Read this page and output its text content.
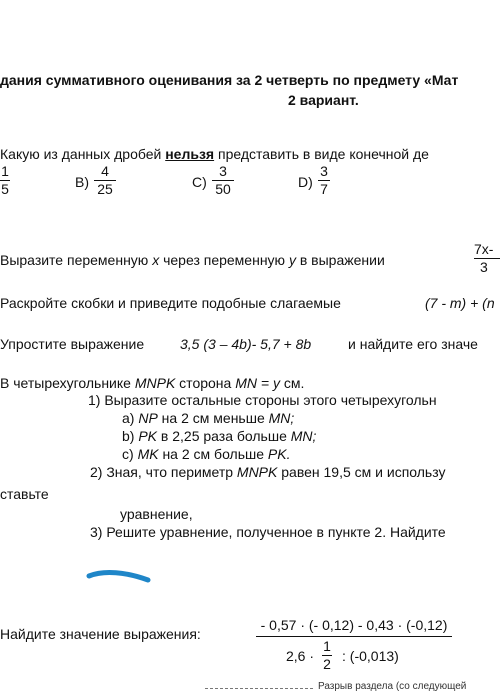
дания суммативного оценивания за 2 четверть по предмету «Мат
2 вариант.
Какую из данных дробей нельзя представить в виде конечной де
1
5	B)
4
25	C)
3
50	D)
3
7
Выразите переменную x через переменную y в выражении
7x-
3
Раскройте скобки и приведите подобные слагаемые	(7 - m) + (n
Упростите выражение	3,5 (3 – 4b)- 5,7 + 8b	и найдите его значе
В четырехугольнике MNPK сторона MN = y см.
1) Выразите остальные стороны этого четырехугольн
а) NP на 2 см меньше MN;
b) PK в 2,25 раза больше MN;
c) MK на 2 см больше PK.
2) Зная, что периметр MNPK равен 19,5 см и использу
ставьте
уравнение,
3) Решите уравнение, полученное в пункте 2. Найдите
Найдите значение выражения:
- 0,57 · (- 0,12) - 0,43 · (-0,12)
2,6 ·
1
2 : (-0,013)
Разрыв раздела (со следующей
